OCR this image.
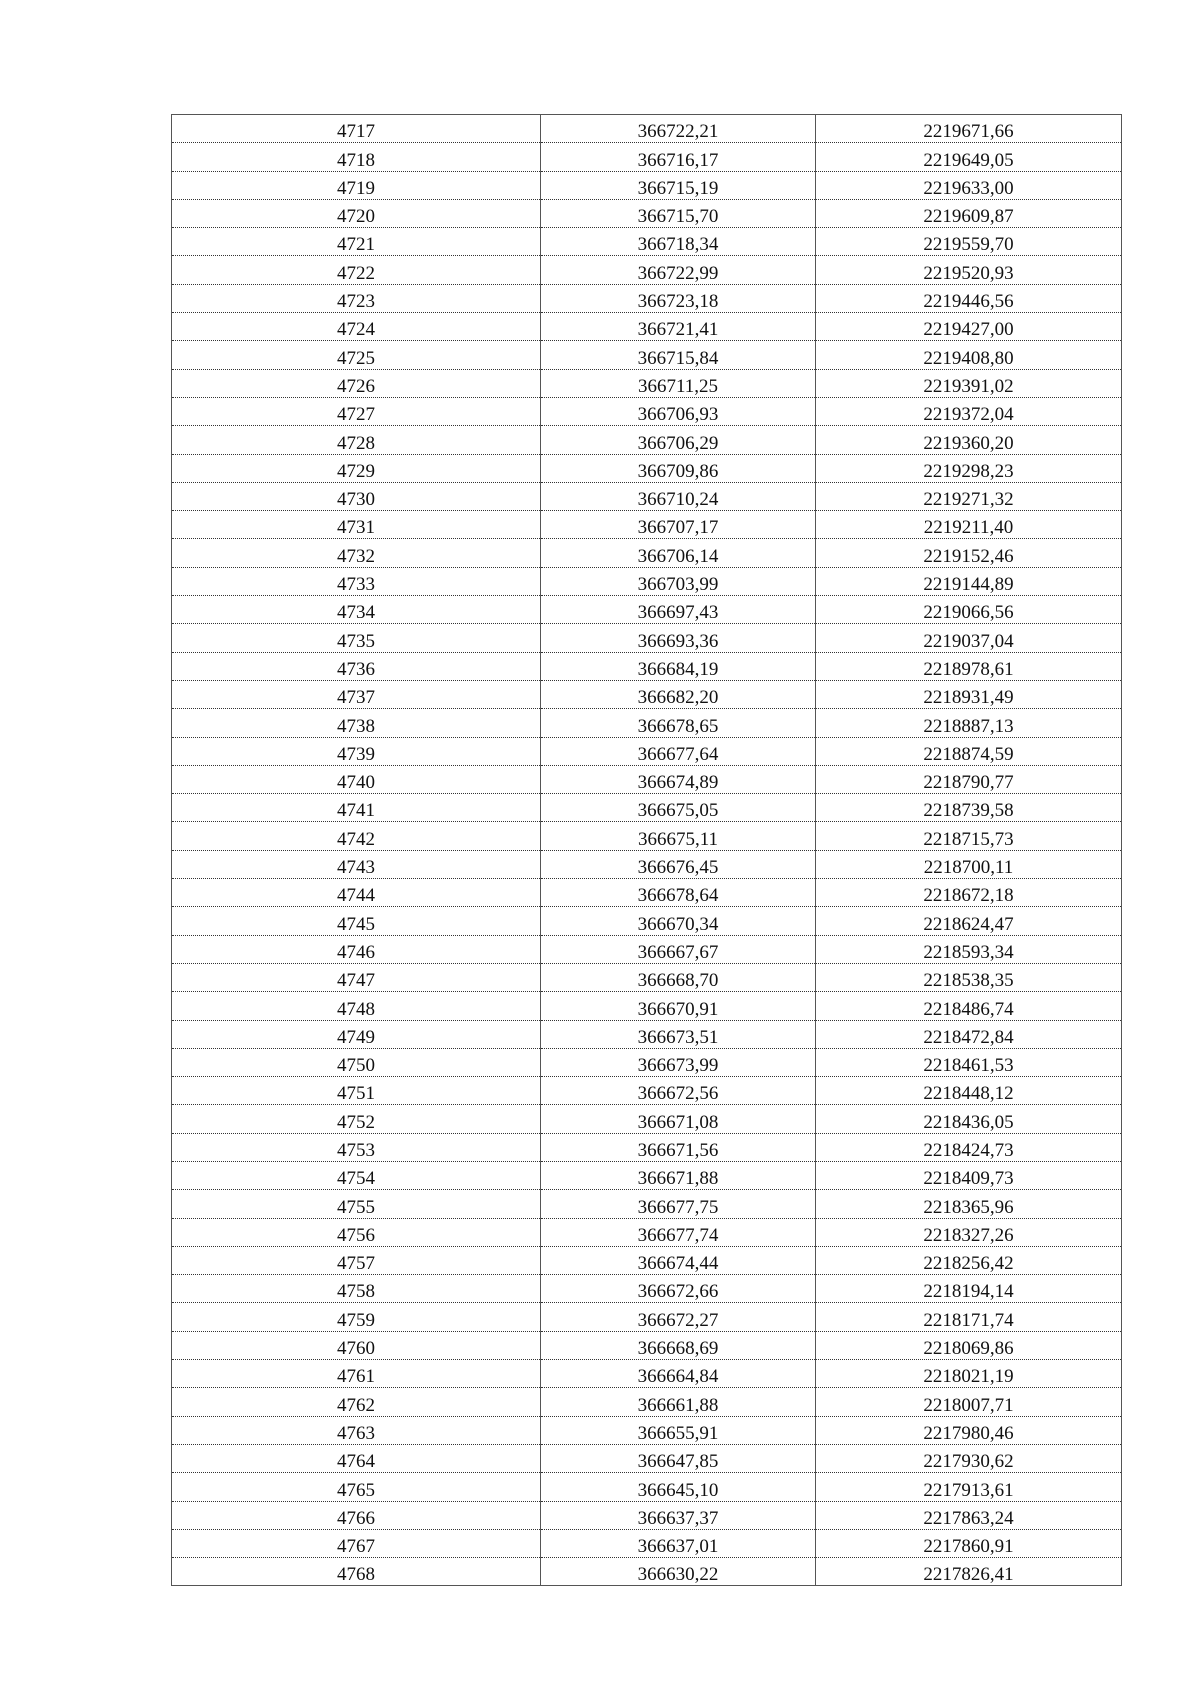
4717	366722,21	2219671,66
4718	366716,17	2219649,05
4719	366715,19	2219633,00
4720	366715,70	2219609,87
4721	366718,34	2219559,70
4722	366722,99	2219520,93
4723	366723,18	2219446,56
4724	366721,41	2219427,00
4725	366715,84	2219408,80
4726	366711,25	2219391,02
4727	366706,93	2219372,04
4728	366706,29	2219360,20
4729	366709,86	2219298,23
4730	366710,24	2219271,32
4731	366707,17	2219211,40
4732	366706,14	2219152,46
4733	366703,99	2219144,89
4734	366697,43	2219066,56
4735	366693,36	2219037,04
4736	366684,19	2218978,61
4737	366682,20	2218931,49
4738	366678,65	2218887,13
4739	366677,64	2218874,59
4740	366674,89	2218790,77
4741	366675,05	2218739,58
4742	366675,11	2218715,73
4743	366676,45	2218700,11
4744	366678,64	2218672,18
4745	366670,34	2218624,47
4746	366667,67	2218593,34
4747	366668,70	2218538,35
4748	366670,91	2218486,74
4749	366673,51	2218472,84
4750	366673,99	2218461,53
4751	366672,56	2218448,12
4752	366671,08	2218436,05
4753	366671,56	2218424,73
4754	366671,88	2218409,73
4755	366677,75	2218365,96
4756	366677,74	2218327,26
4757	366674,44	2218256,42
4758	366672,66	2218194,14
4759	366672,27	2218171,74
4760	366668,69	2218069,86
4761	366664,84	2218021,19
4762	366661,88	2218007,71
4763	366655,91	2217980,46
4764	366647,85	2217930,62
4765	366645,10	2217913,61
4766	366637,37	2217863,24
4767	366637,01	2217860,91
4768	366630,22	2217826,41
